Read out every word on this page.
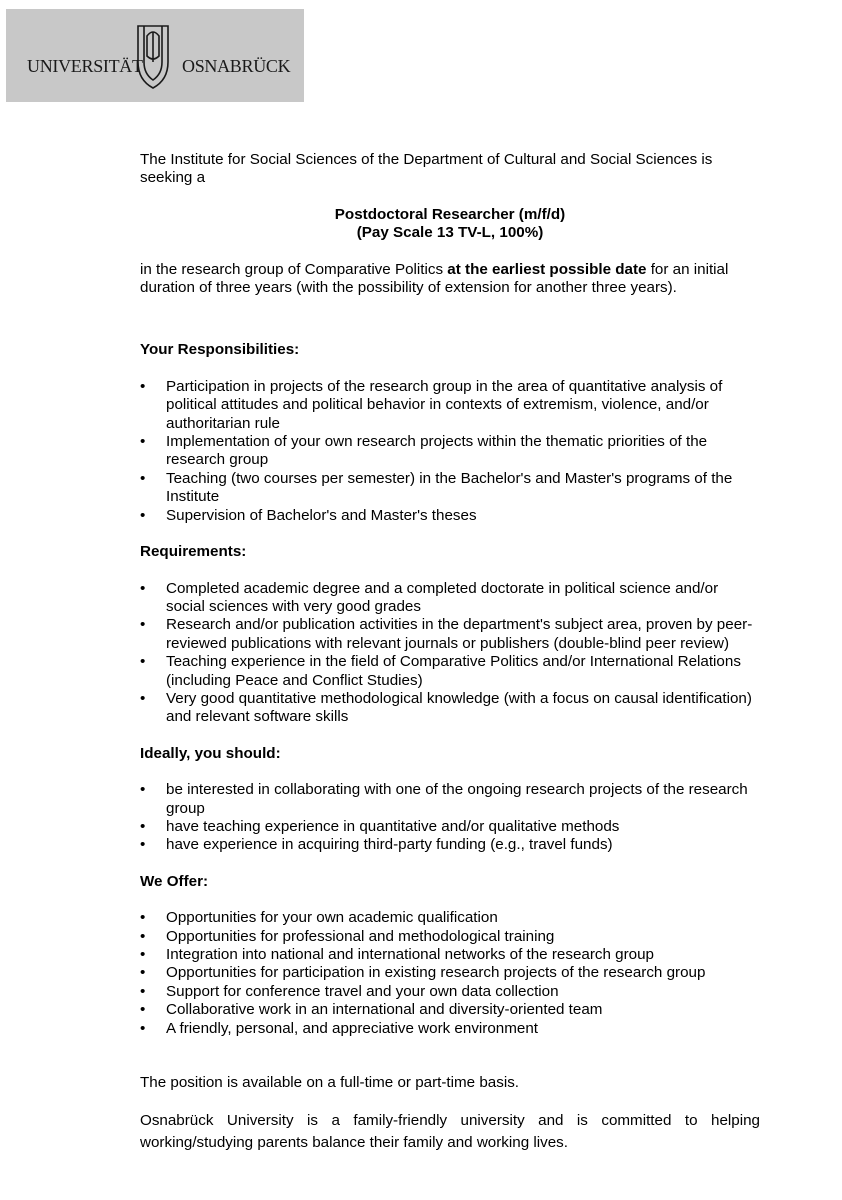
UNIVERSITÄT OSNABRÜCK

The Institute for Social Sciences of the Department of Cultural and Social Sciences is seeking a

Postdoctoral Researcher (m/f/d)
(Pay Scale 13 TV-L, 100%)

in the research group of Comparative Politics at the earliest possible date for an initial duration of three years (with the possibility of extension for another three years).

Your Responsibilities:

• Participation in projects of the research group in the area of quantitative analysis of political attitudes and political behavior in contexts of extremism, violence, and/or authoritarian rule
• Implementation of your own research projects within the thematic priorities of the research group
• Teaching (two courses per semester) in the Bachelor's and Master's programs of the Institute
• Supervision of Bachelor's and Master's theses

Requirements:

• Completed academic degree and a completed doctorate in political science and/or social sciences with very good grades
• Research and/or publication activities in the department's subject area, proven by peer-reviewed publications with relevant journals or publishers (double-blind peer review)
• Teaching experience in the field of Comparative Politics and/or International Relations (including Peace and Conflict Studies)
• Very good quantitative methodological knowledge (with a focus on causal identification) and relevant software skills

Ideally, you should:

• be interested in collaborating with one of the ongoing research projects of the research group
• have teaching experience in quantitative and/or qualitative methods
• have experience in acquiring third-party funding (e.g., travel funds)

We Offer:

• Opportunities for your own academic qualification
• Opportunities for professional and methodological training
• Integration into national and international networks of the research group
• Opportunities for participation in existing research projects of the research group
• Support for conference travel and your own data collection
• Collaborative work in an international and diversity-oriented team
• A friendly, personal, and appreciative work environment

The position is available on a full-time or part-time basis.

Osnabrück University is a family-friendly university and is committed to helping working/studying parents balance their family and working lives.
